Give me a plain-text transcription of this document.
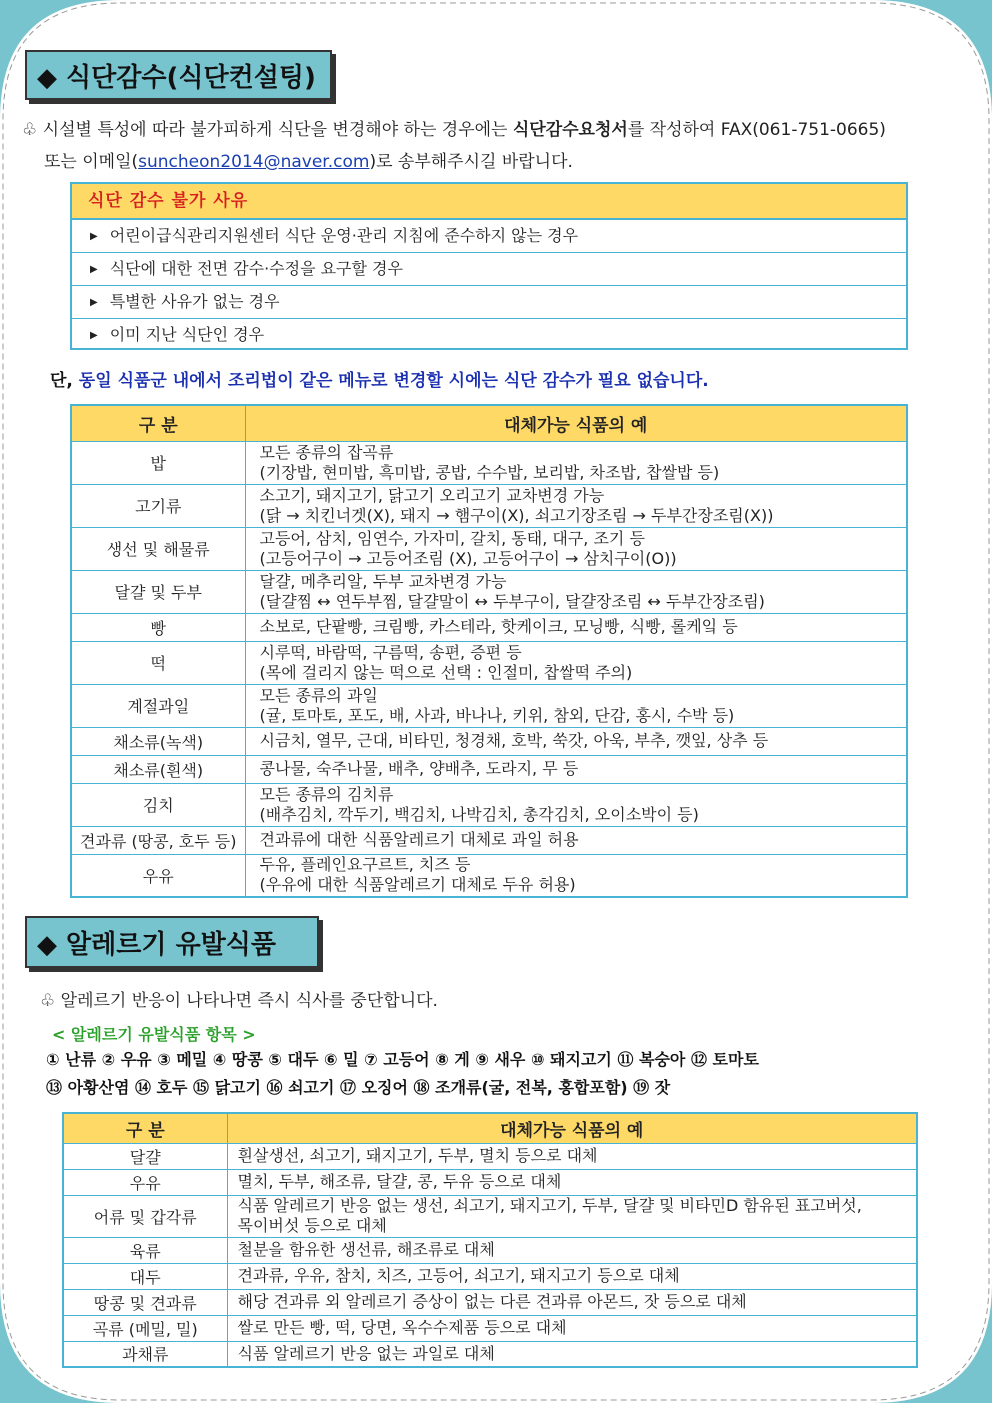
◆ 식단감수(식단컨설팅)
♧ 시설별 특성에 따라 불가피하게 식단을 변경해야 하는 경우에는 식단감수요청서를 작성하여 FAX(061-751-0665)
또는 이메일(suncheon2014@naver.com)로 송부해주시길 바랍니다.
식단 감수 불가 사유
▶ 어린이급식관리지원센터 식단 운영·관리 지침에 준수하지 않는 경우
▶ 식단에 대한 전면 감수·수정을 요구할 경우
▶ 특별한 사유가 없는 경우
▶ 이미 지난 식단인 경우
단, 동일 식품군 내에서 조리법이 같은 메뉴로 변경할 시에는 식단 감수가 필요 없습니다.
구 분	대체가능 식품의 예
밥	모든 종류의 잡곡류
(기장밥, 현미밥, 흑미밥, 콩밥, 수수밥, 보리밥, 차조밥, 찹쌀밥 등)

고기류	소고기, 돼지고기, 닭고기 오리고기 교차변경 가능
(닭 → 치킨너겟(X), 돼지 → 햄구이(X), 쇠고기장조림 → 두부간장조림(X))

생선 및 해물류	고등어, 삼치, 임연수, 가자미, 갈치, 동태, 대구, 조기 등
(고등어구이 → 고등어조림 (X), 고등어구이 → 삼치구이(O))

달걀 및 두부	달걀, 메추리알, 두부 교차변경 가능
(달걀찜 ↔ 연두부찜, 달걀말이 ↔ 두부구이, 달걀장조림 ↔ 두부간장조림)

빵	소보로, 단팥빵, 크림빵, 카스테라, 핫케이크, 모닝빵, 식빵, 롤케잌 등

떡	시루떡, 바람떡, 구름떡, 송편, 증편 등
(목에 걸리지 않는 떡으로 선택 : 인절미, 찹쌀떡 주의)

계절과일	모든 종류의 과일
(귤, 토마토, 포도, 배, 사과, 바나나, 키위, 참외, 단감, 홍시, 수박 등)

채소류(녹색)	시금치, 열무, 근대, 비타민, 청경채, 호박, 쑥갓, 아욱, 부추, 깻잎, 상추 등

채소류(흰색)	콩나물, 숙주나물, 배추, 양배추, 도라지, 무 등

김치	모든 종류의 김치류
(배추김치, 깍두기, 백김치, 나박김치, 총각김치, 오이소박이 등)

견과류 (땅콩, 호두 등)	견과류에 대한 식품알레르기 대체로 과일 허용

우유	두유, 플레인요구르트, 치즈 등
(우유에 대한 식품알레르기 대체로 두유 허용)
◆ 알레르기 유발식품
♧ 알레르기 반응이 나타나면 즉시 식사를 중단합니다.
< 알레르기 유발식품 항목 >
① 난류 ② 우유 ③ 메밀 ④ 땅콩 ⑤ 대두 ⑥ 밀 ⑦ 고등어 ⑧ 게 ⑨ 새우 ⑩ 돼지고기 ⑪ 복숭아 ⑫ 토마토
⑬ 아황산염 ⑭ 호두 ⑮ 닭고기 ⑯ 쇠고기 ⑰ 오징어 ⑱ 조개류(굴, 전복, 홍합포함) ⑲ 잣
구 분	대체가능 식품의 예
달걀	흰살생선, 쇠고기, 돼지고기, 두부, 멸치 등으로 대체

우유	멸치, 두부, 해조류, 달걀, 콩, 두유 등으로 대체

어류 및 갑각류	식품 알레르기 반응 없는 생선, 쇠고기, 돼지고기, 두부, 달걀 및 비타민D 함유된 표고버섯,
목이버섯 등으로 대체

육류	철분을 함유한 생선류, 해조류로 대체

대두	견과류, 우유, 참치, 치즈, 고등어, 쇠고기, 돼지고기 등으로 대체

땅콩 및 견과류	해당 견과류 외 알레르기 증상이 없는 다른 견과류 아몬드, 잣 등으로 대체

곡류 (메밀, 밀)	쌀로 만든 빵, 떡, 당면, 옥수수제품 등으로 대체

과채류	식품 알레르기 반응 없는 과일로 대체
